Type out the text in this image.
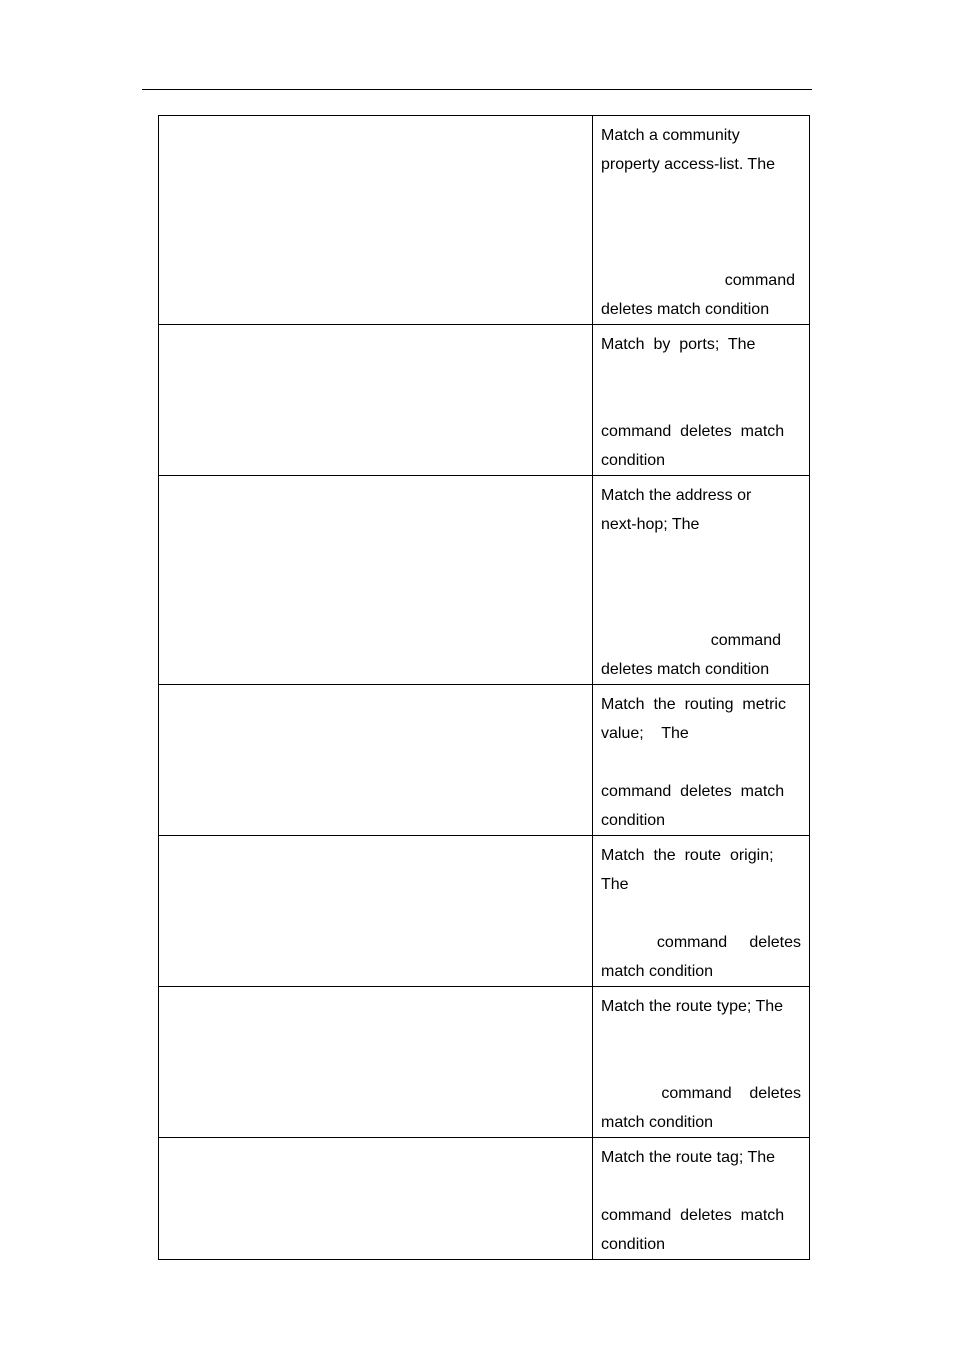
	Match a community
property access-list. The
command
deletes match condition

	Match  by  ports;  The
command  deletes  match
condition

	Match the address or
next-hop; The
command
deletes match condition

	Match  the  routing  metric
value;    The
command  deletes  match
condition

	Match  the  route  origin;
The
command     deletes
match condition

	Match the route type; The
command    deletes
match condition

	Match the route tag; The
command  deletes  match
condition
